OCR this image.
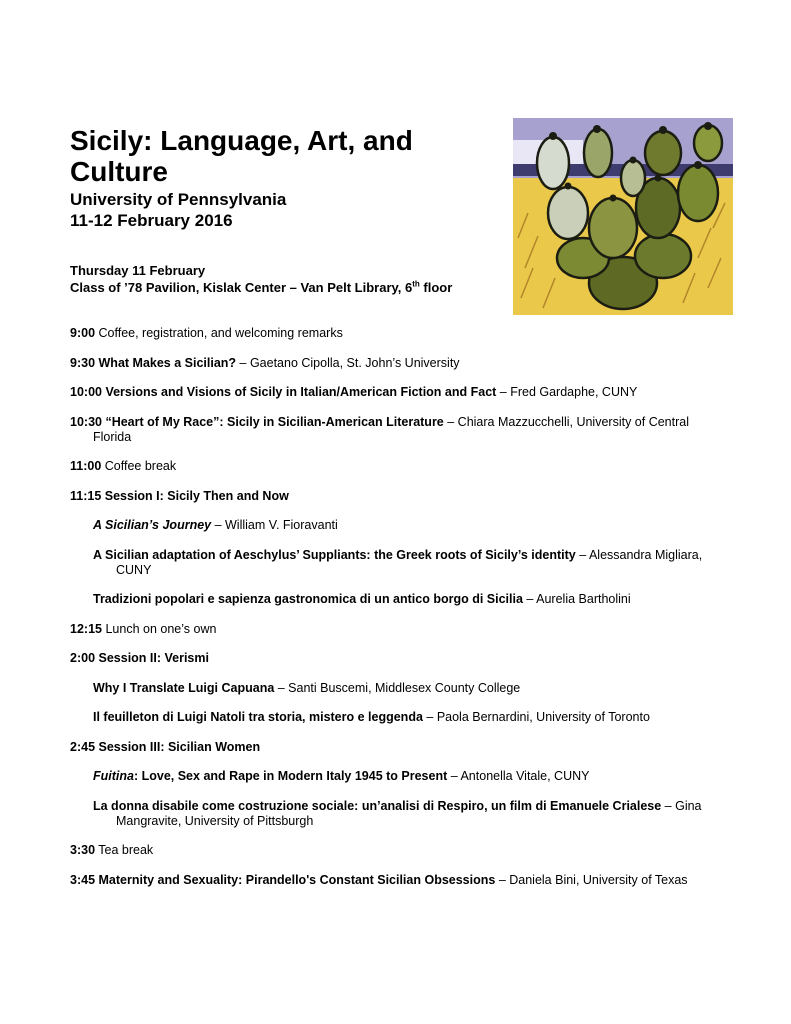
Sicily: Language, Art, and
Culture
University of Pennsylvania
11-12 February 2016
Thursday 11 February
Class of ’78 Pavilion, Kislak Center – Van Pelt Library, 6th floor

9:00 Coffee, registration, and welcoming remarks

9:30 What Makes a Sicilian? – Gaetano Cipolla, St. John’s University

10:00 Versions and Visions of Sicily in Italian/American Fiction and Fact – Fred Gardaphe, CUNY

10:30 “Heart of My Race”: Sicily in Sicilian-American Literature – Chiara Mazzucchelli, University of Central Florida

11:00 Coffee break

11:15 Session I: Sicily Then and Now

A Sicilian’s Journey – William V. Fioravanti

A Sicilian adaptation of Aeschylus’ Suppliants: the Greek roots of Sicily’s identity – Alessandra Migliara, CUNY

Tradizioni popolari e sapienza gastronomica di un antico borgo di Sicilia – Aurelia Bartholini

12:15 Lunch on one’s own

2:00 Session II: Verismi

Why I Translate Luigi Capuana – Santi Buscemi, Middlesex County College

Il feuilleton di Luigi Natoli tra storia, mistero e leggenda – Paola Bernardini, University of Toronto

2:45 Session III: Sicilian Women

Fuitina: Love, Sex and Rape in Modern Italy 1945 to Present – Antonella Vitale, CUNY

La donna disabile come costruzione sociale: un’analisi di Respiro, un film di Emanuele Crialese – Gina Mangravite, University of Pittsburgh

3:30 Tea break

3:45 Maternity and Sexuality: Pirandello's Constant Sicilian Obsessions – Daniela Bini, University of Texas
